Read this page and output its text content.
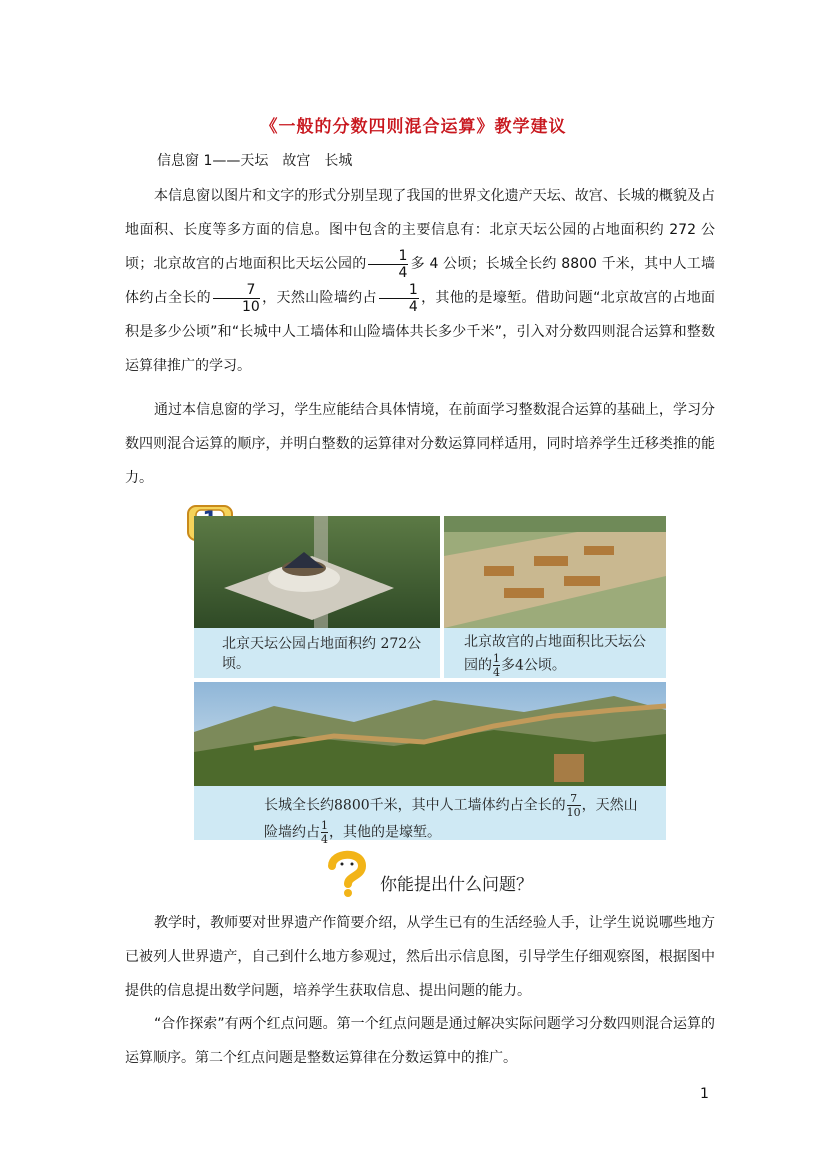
《一般的分数四则混合运算》教学建议
信息窗 1——天坛　故宫　长城
本信息窗以图片和文字的形式分别呈现了我国的世界文化遗产天坛、故宫、长城的概貌及占地面积、长度等多方面的信息。图中包含的主要信息有：北京天坛公园的占地面积约 272 公顷；北京故宫的占地面积比天坛公园的 $\frac{1}{4}$ 多 4 公顷；长城全长约 8800 千米，其中人工墙体约占全长的 $\frac{7}{10}$ ，天然山险墙约占 $\frac{1}{4}$ ，其他的是壕堑。借助问题“北京故宫的占地面积是多少公顷”和“长城中人工墙体和山险墙体共长多少千米”，引入对分数四则混合运算和整数运算律推广的学习。
通过本信息窗的学习，学生应能结合具体情境，在前面学习整数混合运算的基础上，学习分数四则混合运算的顺序，并明白整数的运算律对分数运算同样适用，同时培养学生迁移类推的能力。
北京天坛公园占地面积约 272公顷。
北京故宫的占地面积比天坛公园的 $\frac{1}{4}$ 多4公顷。
长城全长约8800千米，其中人工墙体约占全长的 $\frac{7}{10}$ ，天然山险墙约占 $\frac{1}{4}$ ，其他的是壕堑。
你能提出什么问题？
教学时，教师要对世界遗产作简要介绍，从学生已有的生活经验人手，让学生说说哪些地方已被列人世界遗产，自己到什么地方参观过，然后出示信息图，引导学生仔细观察图，根据图中提供的信息提出数学问题，培养学生获取信息、提出问题的能力。
“合作探索”有两个红点问题。第一个红点问题是通过解决实际问题学习分数四则混合运算的运算顺序。第二个红点问题是整数运算律在分数运算中的推广。
1
